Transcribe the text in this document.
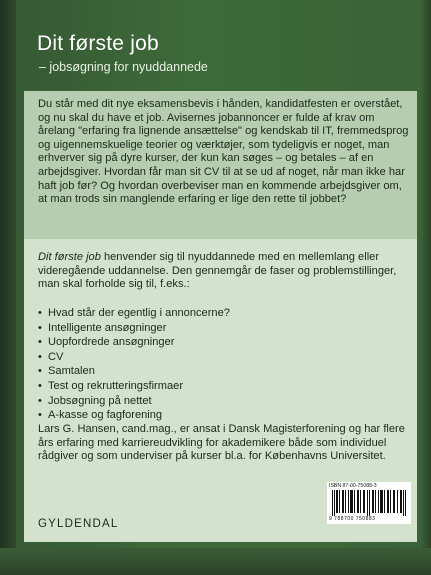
Dit første job
– jobsøgning for nyuddannede

Du står med dit nye eksamensbevis i hånden, kandidatfesten er overstået, og nu skal du have et job. Avisernes jobannoncer er fulde af krav om årelang "erfaring fra lignende ansættelse" og kendskab til IT, fremmedsprog og uigennemskuelige teorier og værktøjer, som tydeligvis er noget, man erhverver sig på dyre kurser, der kun kan søges – og betales – af en arbejdsgiver. Hvordan får man sit CV til at se ud af noget, når man ikke har haft job før? Og hvordan overbeviser man en kommende arbejdsgiver om, at man trods sin manglende erfaring er lige den rette til jobbet?

Dit første job henvender sig til nyuddannede med en mellemlang eller videregående uddannelse. Den gennemgår de faser og problemstillinger, man skal forholde sig til, f.eks.:

• Hvad står der egentlig i annoncerne?
• Intelligente ansøgninger
• Uopfordrede ansøgninger
• CV
• Samtalen
• Test og rekrutteringsfirmaer
• Jobsøgning på nettet
• A-kasse og fagforening

Lars G. Hansen, cand.mag., er ansat i Dansk Magisterforening og har flere års erfaring med karriereudvikling for akademikere både som individuel rådgiver og som underviser på kurser bl.a. for Københavns Universitet.

ISBN 87-00-75088-3
9 788700 750883
GYLDENDAL
